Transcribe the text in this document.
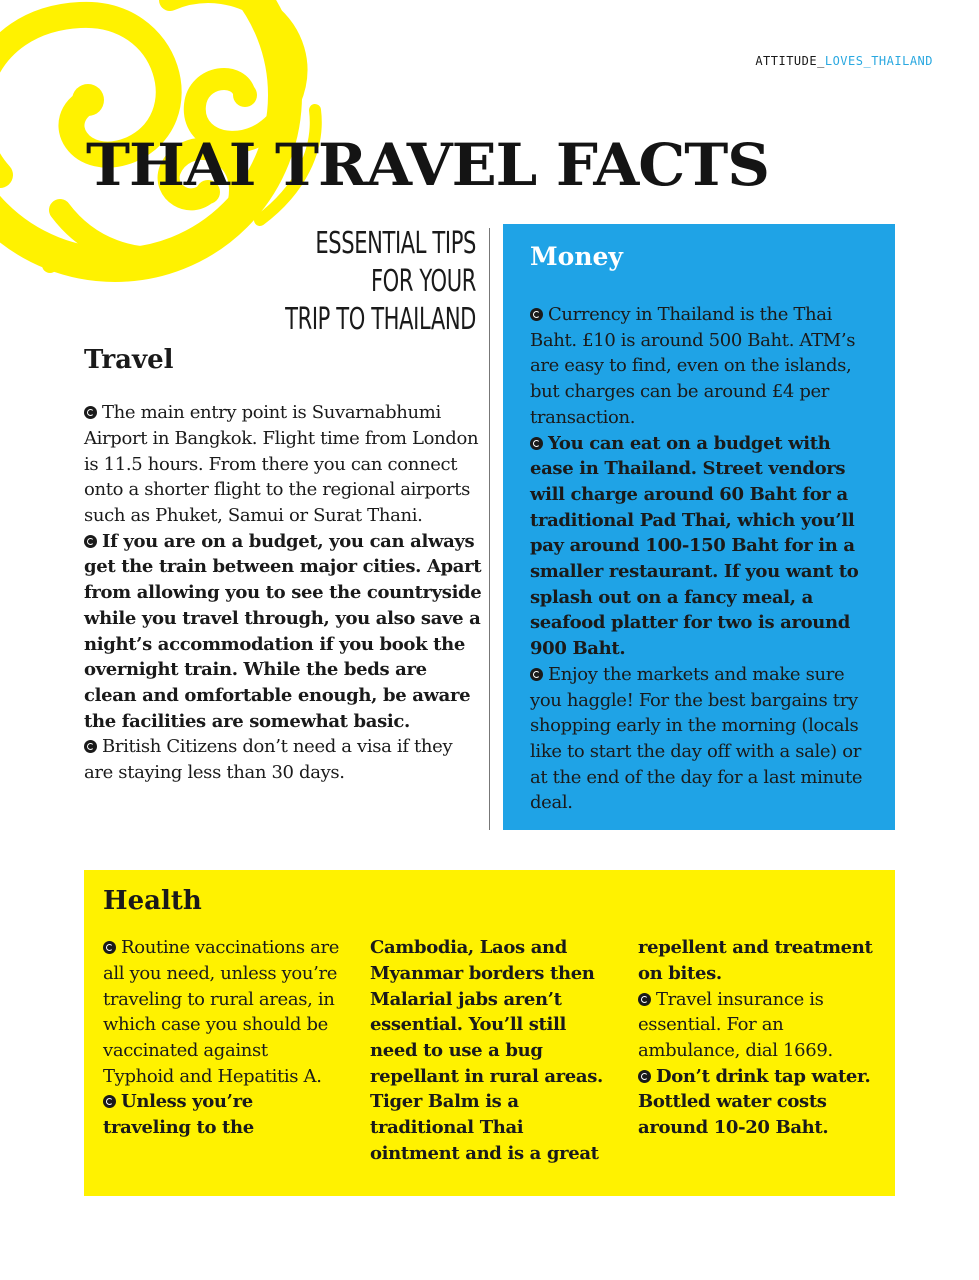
ATTITUDE_LOVES_THAILAND
THAI TRAVEL FACTS
ESSENTIAL TIPS FOR YOUR
TRIP TO THAILAND
Travel

The main entry point is Suvarnabhumi Airport in Bangkok. Flight time from London is 11.5 hours. From there you can connect onto a shorter flight to the regional airports such as Phuket, Samui or Surat Thani.

If you are on a budget, you can always get the train between major cities. Apart from allowing you to see the countryside while you travel through, you also save a night’s accommodation if you book the overnight train. While the beds are clean and omfortable enough, be aware the facilities are somewhat basic.

British Citizens don’t need a visa if they are staying less than 30 days.

Money

Currency in Thailand is the Thai Baht. £10 is around 500 Baht. ATM’s are easy to find, even on the islands, but charges can be around £4 per transaction.

You can eat on a budget with ease in Thailand. Street vendors will charge around 60 Baht for a traditional Pad Thai, which you’ll pay around 100-150 Baht for in a smaller restaurant. If you want to splash out on a fancy meal, a seafood platter for two is around 900 Baht.

Enjoy the markets and make sure you haggle! For the best bargains try shopping early in the morning (locals like to start the day off with a sale) or at the end of the day for a last minute deal.

Health

Routine vaccinations are all you need, unless you’re traveling to rural areas, in which case you should be vaccinated against Typhoid and Hepatitis A.

Unless you’re traveling to the

Cambodia, Laos and Myanmar borders then Malarial jabs aren’t essential. You’ll still need to use a bug repellant in rural areas. Tiger Balm is a traditional Thai ointment and is a great

repellent and treatment on bites.

Travel insurance is essential. For an ambulance, dial 1669.

Don’t drink tap water. Bottled water costs around 10-20 Baht.
